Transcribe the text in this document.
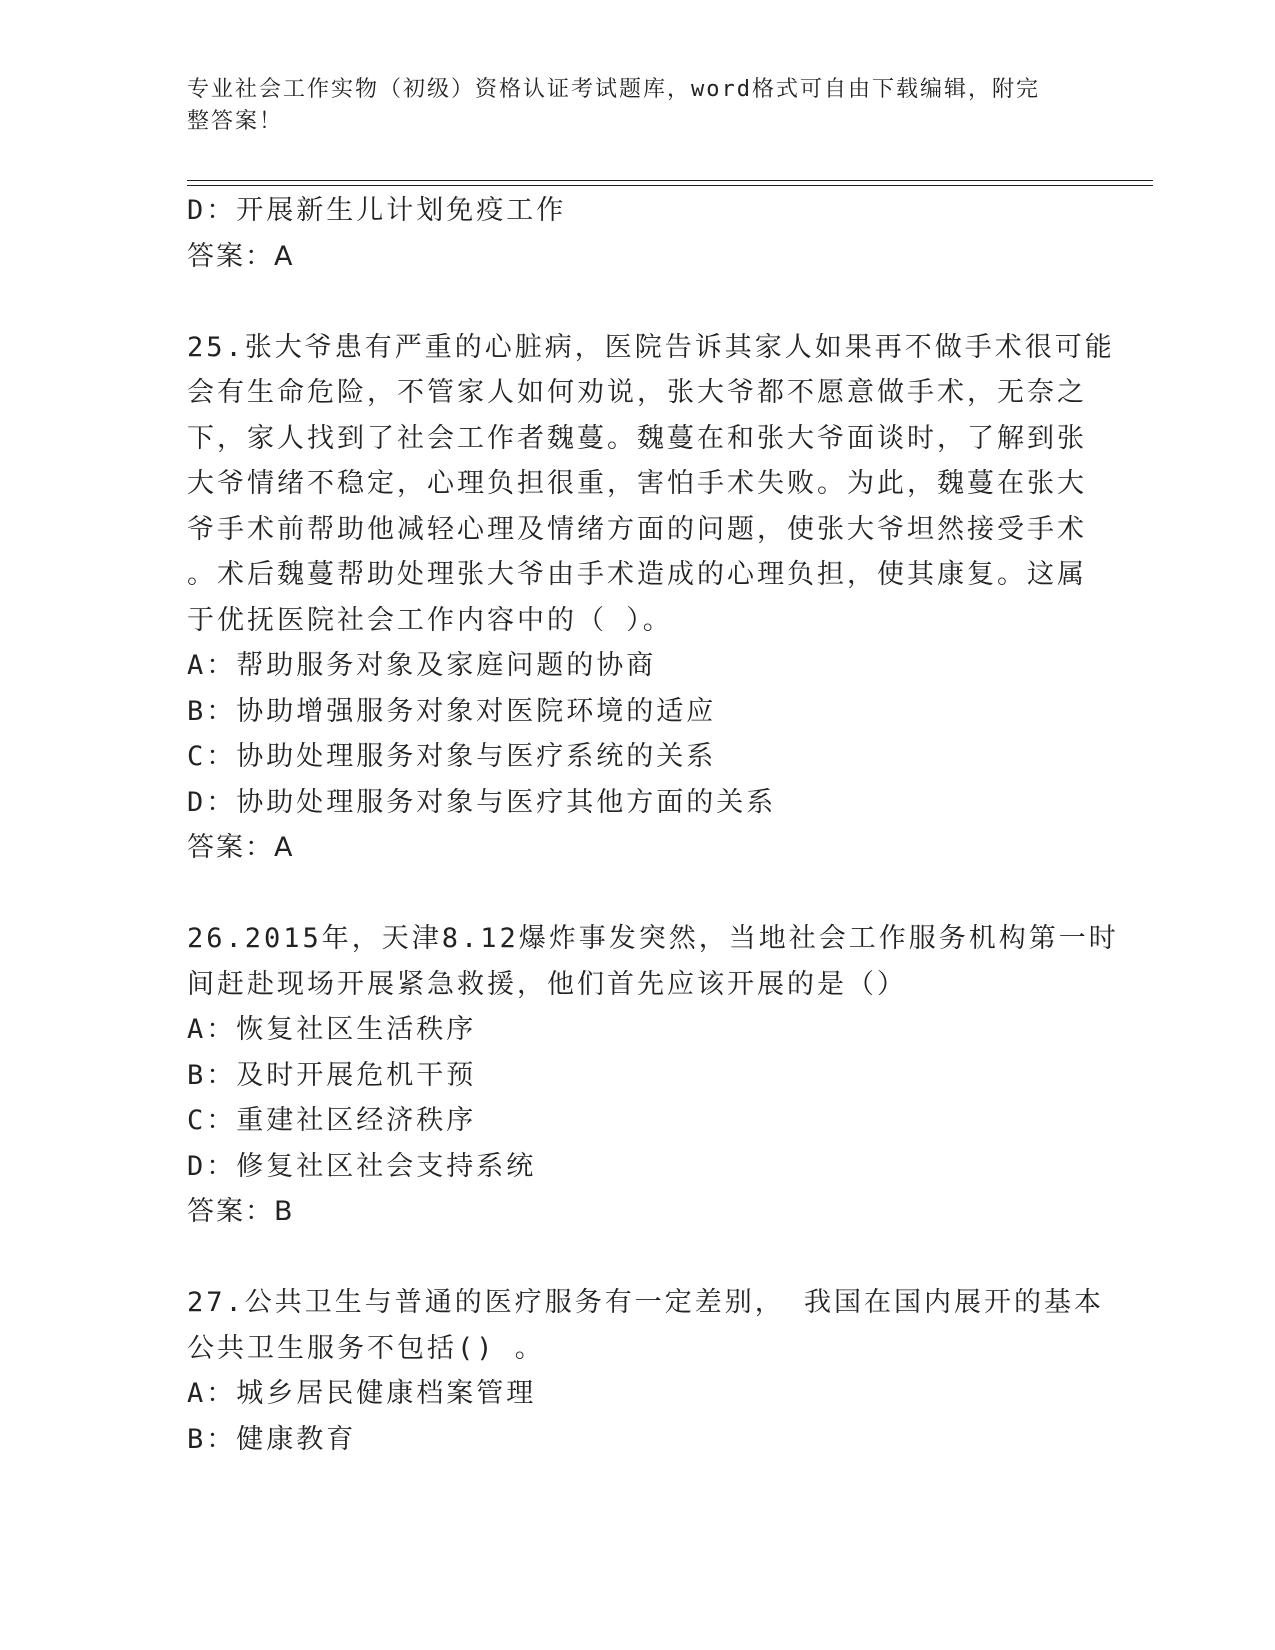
专业社会工作实物（初级）资格认证考试题库，word格式可自由下载编辑，附完
整答案！
D：开展新生儿计划免疫工作
答案：A
25.张大爷患有严重的心脏病，医院告诉其家人如果再不做手术很可能
会有生命危险，不管家人如何劝说，张大爷都不愿意做手术，无奈之
下，家人找到了社会工作者魏蔓。魏蔓在和张大爷面谈时，了解到张
大爷情绪不稳定，心理负担很重，害怕手术失败。为此，魏蔓在张大
爷手术前帮助他减轻心理及情绪方面的问题，使张大爷坦然接受手术
。术后魏蔓帮助处理张大爷由手术造成的心理负担，使其康复。这属
于优抚医院社会工作内容中的（ ）。
A：帮助服务对象及家庭问题的协商
B：协助增强服务对象对医院环境的适应
C：协助处理服务对象与医疗系统的关系
D：协助处理服务对象与医疗其他方面的关系
答案：A
26.2015年，天津8.12爆炸事发突然，当地社会工作服务机构第一时
间赶赴现场开展紧急救援，他们首先应该开展的是（）
A：恢复社区生活秩序
B：及时开展危机干预
C：重建社区经济秩序
D：修复社区社会支持系统
答案：B
27.公共卫生与普通的医疗服务有一定差别， 我国在国内展开的基本
公共卫生服务不包括() 。
A：城乡居民健康档案管理
B：健康教育
